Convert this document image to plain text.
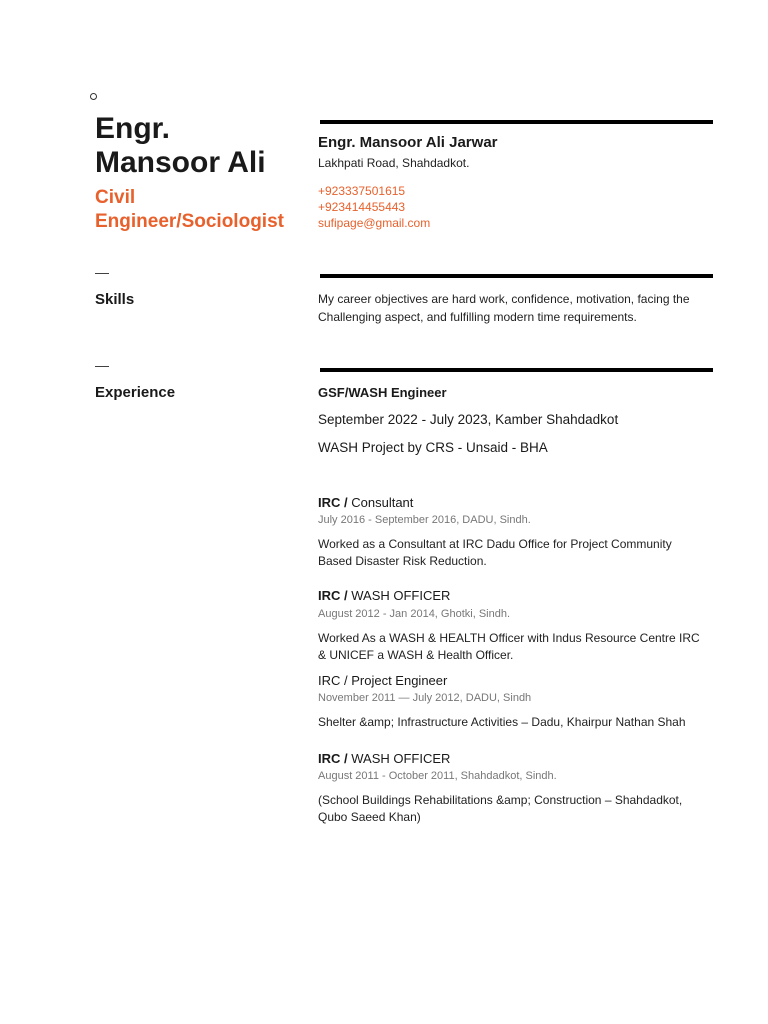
Engr.
Mansoor Ali
Civil
Engineer/Sociologist
Engr. Mansoor Ali Jarwar
Lakhpati Road, Shahdadkot.
+923337501615
+923414455443
sufipage@gmail.com
—
Skills	My career objectives are hard work, confidence, motivation, facing the
Challenging aspect, and fulfilling modern time requirements.
—
Experience	GSF/WASH Engineer
September 2022 - July 2023, Kamber Shahdadkot
WASH Project by CRS - Unsaid - BHA
IRC / Consultant
July 2016 - September 2016, DADU, Sindh.
Worked as a Consultant at IRC Dadu Office for Project Community
Based Disaster Risk Reduction.
IRC / WASH OFFICER
August 2012 - Jan 2014, Ghotki, Sindh.
Worked As a WASH & HEALTH Officer with Indus Resource Centre IRC
& UNICEF a WASH & Health Officer.
IRC / Project Engineer
November 2011 — July 2012, DADU, Sindh
Shelter &amp; Infrastructure Activities – Dadu, Khairpur Nathan Shah
IRC / WASH OFFICER
August 2011 - October 2011, Shahdadkot, Sindh.
(School Buildings Rehabilitations &amp; Construction – Shahdadkot,
Qubo Saeed Khan)
